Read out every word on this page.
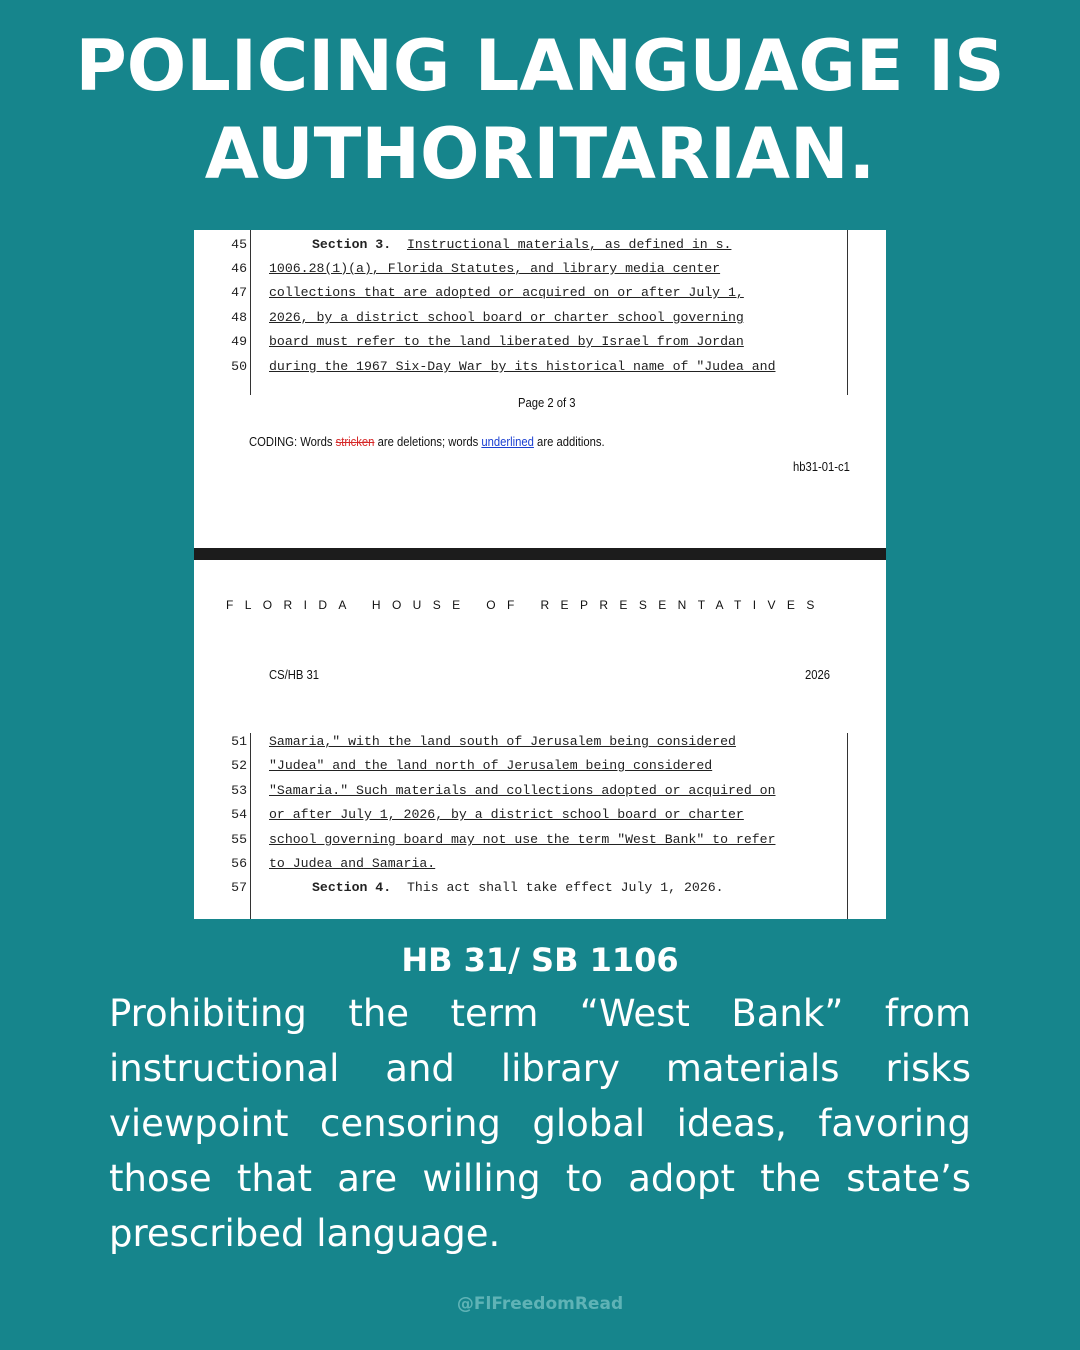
POLICING LANGUAGE IS
AUTHORITARIAN.
45	Section 3. Instructional materials, as defined in s.
46 1006.28(1)(a), Florida Statutes, and library media center
47 collections that are adopted or acquired on or after July 1,
48 2026, by a district school board or charter school governing
49 board must refer to the land liberated by Israel from Jordan
50 during the 1967 Six-Day War by its historical name of "Judea and
Page 2 of 3
CODING: Words stricken are deletions; words underlined are additions.
hb31-01-c1
FLORIDA HOUSE OF REPRESENTATIVES
CS/HB 31	2026
51 Samaria," with the land south of Jerusalem being considered
52 "Judea" and the land north of Jerusalem being considered
53 "Samaria." Such materials and collections adopted or acquired on
54 or after July 1, 2026, by a district school board or charter
55 school governing board may not use the term "West Bank" to refer
56 to Judea and Samaria.
57	Section 4. This act shall take effect July 1, 2026.
HB 31/ SB 1106

Prohibiting the term “West Bank” from instructional and library materials risks viewpoint censoring global ideas, favoring those that are willing to adopt the state’s prescribed language.

@FlFreedomRead
